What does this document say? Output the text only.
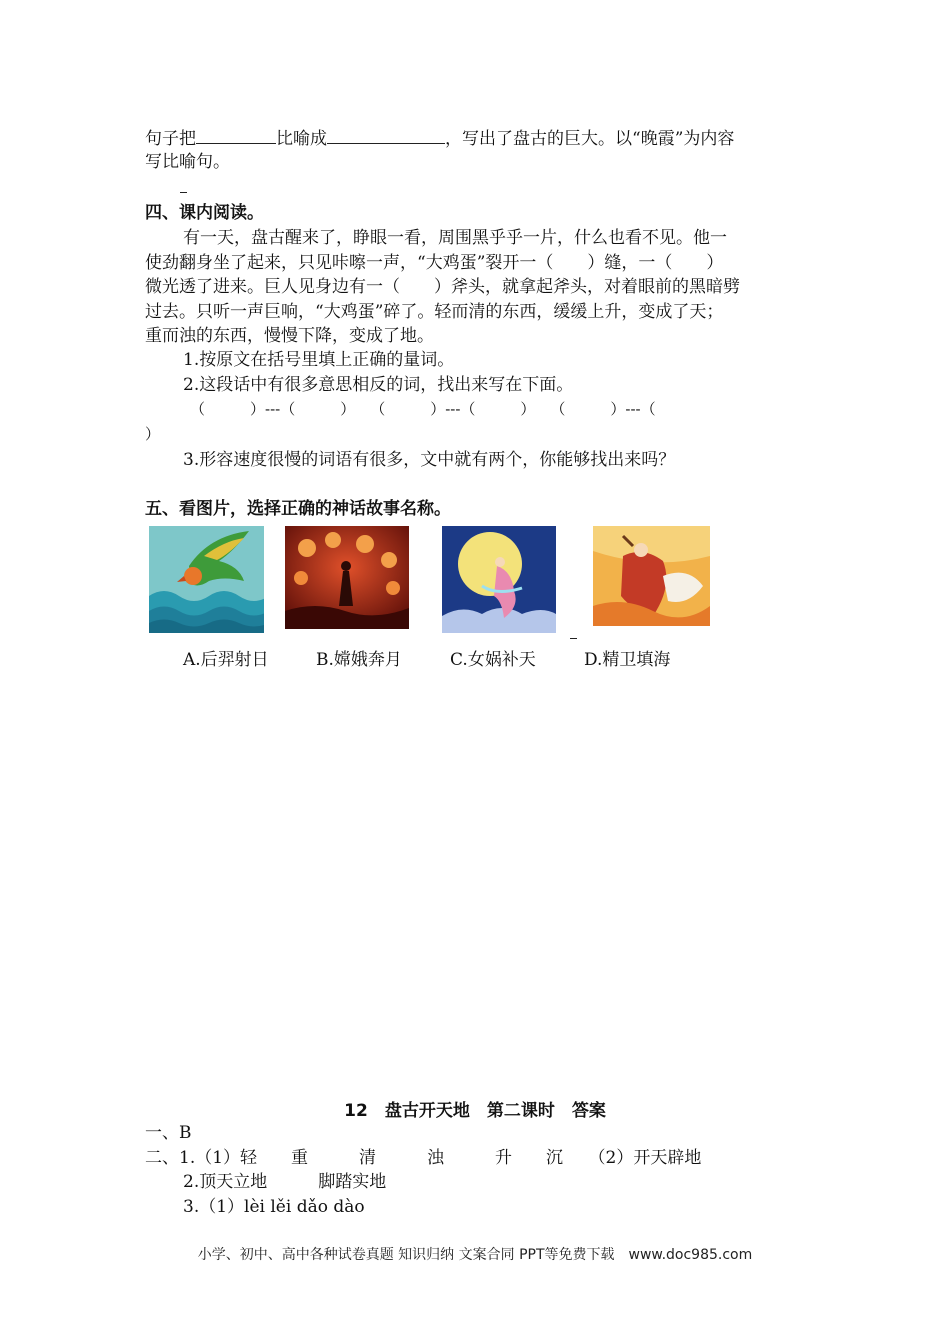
句子把	比喻成	，写出了盘古的巨大。以“晚霞”为内容
写比喻句。
四、课内阅读。
有一天，盘古醒来了，睁眼一看，周围黑乎乎一片，什么也看不见。他一
使劲翻身坐了起来，只见咔嚓一声，“大鸡蛋”裂开一（　　）缝，一（　　）
微光透了进来。巨人见身边有一（　　）斧头，就拿起斧头，对着眼前的黑暗劈
过去。只听一声巨响，“大鸡蛋”碎了。轻而清的东西，缓缓上升，变成了天；
重而浊的东西，慢慢下降，变成了地。
1.按原文在括号里填上正确的量词。
2.这段话中有很多意思相反的词，找出来写在下面。
（　　　）---（　　　）　　（　　　）---（　　　）　　（　　　）---（
）
3.形容速度很慢的词语有很多，文中就有两个，你能够找出来吗？
五、看图片，选择正确的神话故事名称。
A.后羿射日	B.嫦娥奔月	C.女娲补天	D.精卫填海
12　盘古开天地　第二课时　答案
一、B
二、1.（1）轻　　重　　　清　　　浊　　　升　　沉　　（2）开天辟地
2.顶天立地　　　脚踏实地
3.（1）lèi lěi dǎo dào
小学、初中、高中各种试卷真题 知识归纳 文案合同 PPT等免费下载　www.doc985.com
